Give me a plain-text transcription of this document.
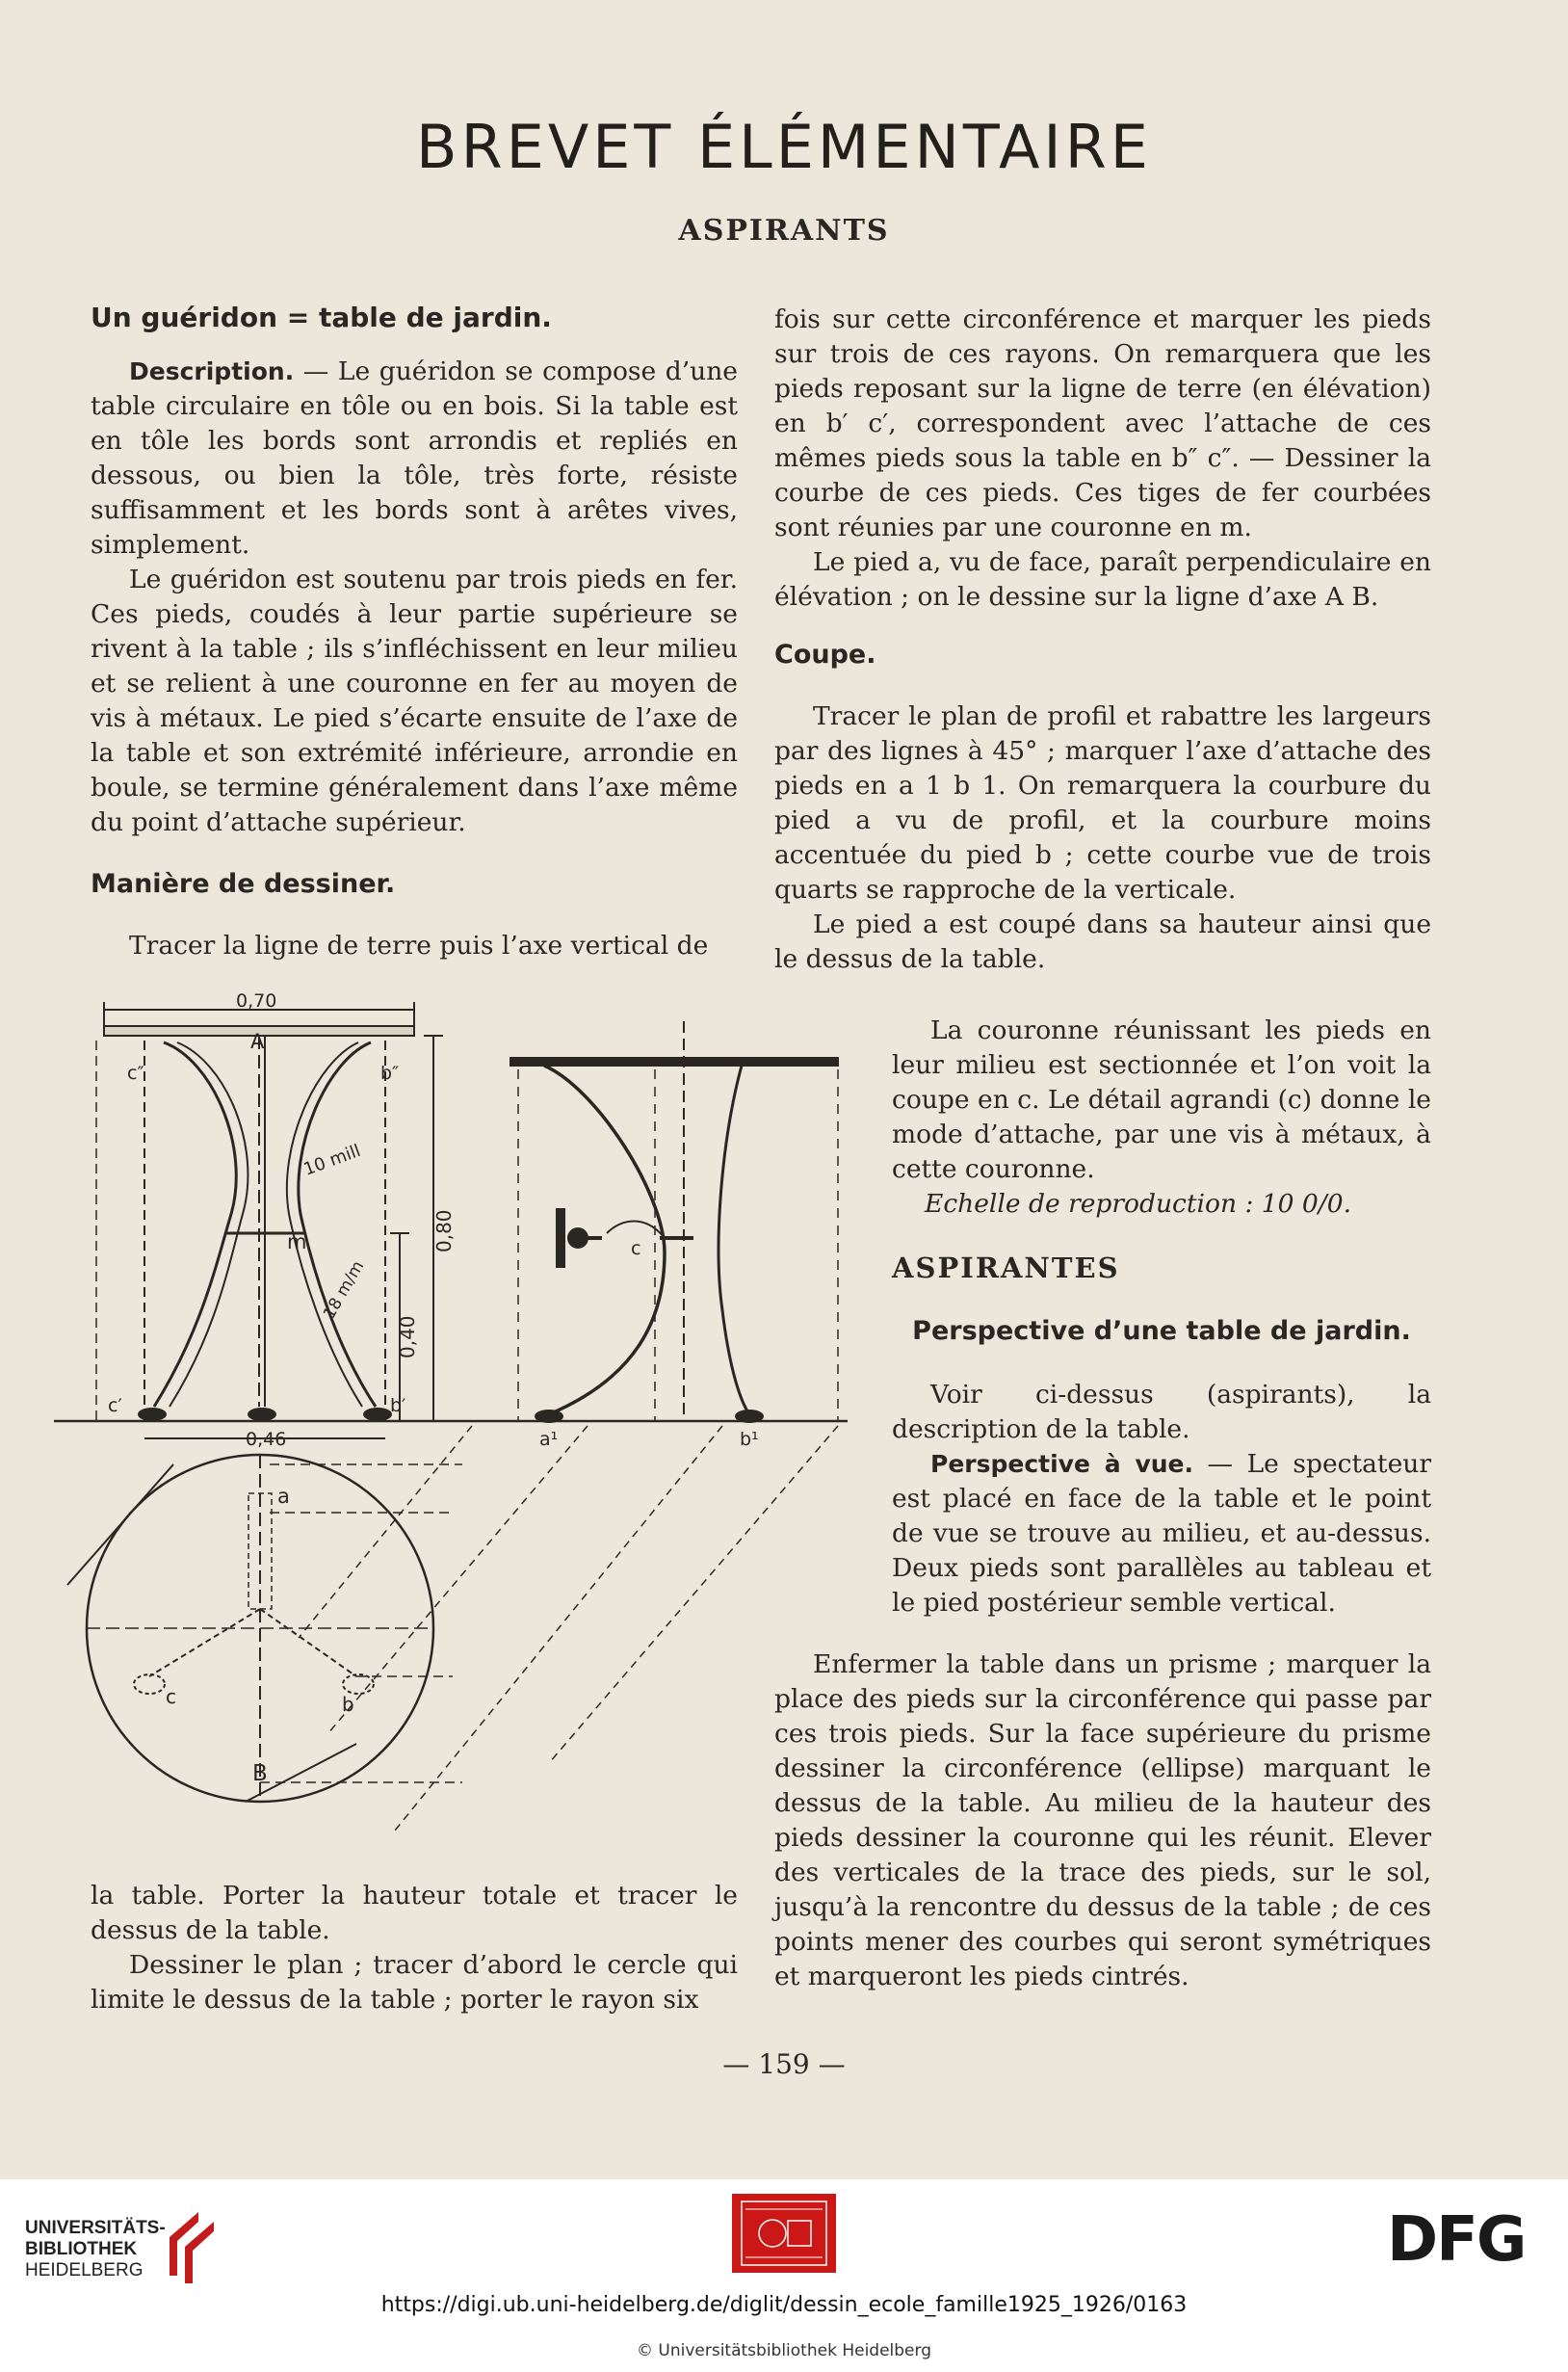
BREVET ÉLÉMENTAIRE
ASPIRANTS

Un guéridon = table de jardin.

Description. — Le guéridon se compose d’une table circulaire en tôle ou en bois. Si la table est en tôle les bords sont arrondis et repliés en dessous, ou bien la tôle, très forte, résiste suffisamment et les bords sont à arêtes vives, simplement.

Le guéridon est soutenu par trois pieds en fer. Ces pieds, coudés à leur partie supérieure se rivent à la table ; ils s’infléchissent en leur milieu et se relient à une couronne en fer au moyen de vis à métaux. Le pied s’écarte ensuite de l’axe de la table et son extrémité inférieure, arrondie en boule, se termine généralement dans l’axe même du point d’attache supérieur.

Manière de dessiner.

Tracer la ligne de terre puis l’axe vertical de

0,70
A
c″	b″
10 mill
m
18 m/m
0,80
0,40
c′	b′
c
a¹	b¹
0,46
a
b
c
B

la table. Porter la hauteur totale et tracer le dessus de la table.

Dessiner le plan ; tracer d’abord le cercle qui limite le dessus de la table ; porter le rayon six

fois sur cette circonférence et marquer les pieds sur trois de ces rayons. On remarquera que les pieds reposant sur la ligne de terre (en élévation) en b′ c′, correspondent avec l’attache de ces mêmes pieds sous la table en b″ c″. — Dessiner la courbe de ces pieds. Ces tiges de fer courbées sont réunies par une couronne en m.

Le pied a, vu de face, paraît perpendiculaire en élévation ; on le dessine sur la ligne d’axe A B.

Coupe.

Tracer le plan de profil et rabattre les largeurs par des lignes à 45° ; marquer l’axe d’attache des pieds en a 1 b 1. On remarquera la courbure du pied a vu de profil, et la courbure moins accentuée du pied b ; cette courbe vue de trois quarts se rapproche de la verticale.

Le pied a est coupé dans sa hauteur ainsi que le dessus de la table.

La couronne réunissant les pieds en leur milieu est sectionnée et l’on voit la coupe en c. Le détail agrandi (c) donne le mode d’attache, par une vis à métaux, à cette couronne.

Echelle de reproduction : 10 0/0.

ASPIRANTES

Perspective d’une table de jardin.

Voir ci-dessus (aspirants), la description de la table.

Perspective à vue. — Le spectateur est placé en face de la table et le point de vue se trouve au milieu, et au-dessus. Deux pieds sont parallèles au tableau et le pied postérieur semble vertical.

Enfermer la table dans un prisme ; marquer la place des pieds sur la circonférence qui passe par ces trois pieds. Sur la face supérieure du prisme dessiner la circonférence (ellipse) marquant le dessus de la table. Au milieu de la hauteur des pieds dessiner la couronne qui les réunit. Elever des verticales de la trace des pieds, sur le sol, jusqu’à la rencontre du dessus de la table ; de ces points mener des courbes qui seront symétriques et marqueront les pieds cintrés.

— 159 —
UNIVERSITÄTS-
BIBLIOTHEK
HEIDELBERG	DFG
https://digi.ub.uni-heidelberg.de/diglit/dessin_ecole_famille1925_1926/0163
© Universitätsbibliothek Heidelberg
